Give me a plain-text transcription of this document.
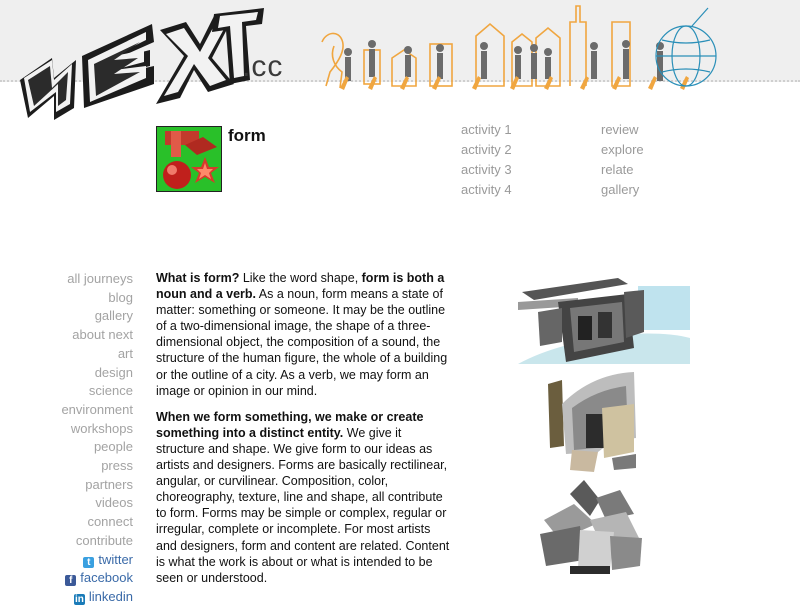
.cc
form	activity 1
activity 2
activity 3
activity 4
review
explore
relate
gallery
all journeys
blog
gallery
about next
art
design
science
environment
workshops
people
press
partners
videos
connect
contribute
t twitter
f facebook
in linkedin

What is form? Like the word shape, form is both a noun and a verb. As a noun, form means a state of matter: something or someone. It may be the outline of a two-dimensional image, the shape of a three-dimensional object, the composition of a sound, the structure of the human figure, the whole of a building or the outline of a city. As a verb, we may form an image or opinion in our mind.

When we form something, we make or create something into a distinct entity. We give it structure and shape. We give form to our ideas as artists and designers. Forms are basically rectilinear, angular, or curvilinear. Composition, color, choreography, texture, line and shape, all contribute to form. Forms may be simple or complex, regular or irregular, complete or incomplete. For most artists and designers, form and content are related. Content is what the work is about or what is intended to be seen or understood.
